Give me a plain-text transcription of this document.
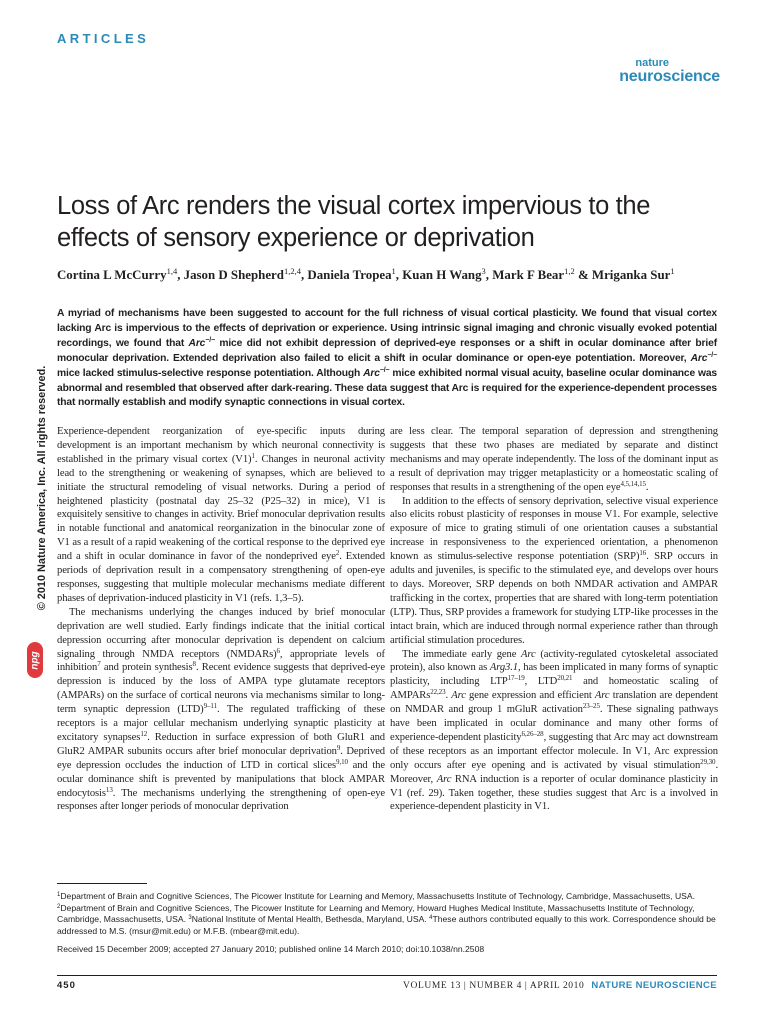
ARTICLES
nature
neuroscience
Loss of Arc renders the visual cortex impervious to the effects of sensory experience or deprivation

Cortina L McCurry$^{1,4}$, Jason D Shepherd$^{1,2,4}$, Daniela Tropea$^1$, Kuan H Wang$^3$, Mark F Bear$^{1,2}$ & Mriganka Sur$^1$

A myriad of mechanisms have been suggested to account for the full richness of visual cortical plasticity. We found that visual cortex lacking Arc is impervious to the effects of deprivation or experience. Using intrinsic signal imaging and chronic visually evoked potential recordings, we found that Arc−/− mice did not exhibit depression of deprived-eye responses or a shift in ocular dominance after brief monocular deprivation. Extended deprivation also failed to elicit a shift in ocular dominance or open-eye potentiation. Moreover, Arc−/− mice lacked stimulus-selective response potentiation. Although Arc−/− mice exhibited normal visual acuity, baseline ocular dominance was abnormal and resembled that observed after dark-rearing. These data suggest that Arc is required for the experience-dependent processes that normally establish and modify synaptic connections in visual cortex.

© 2010 Nature America, Inc. All rights reserved.
npg

Experience-dependent reorganization of eye-specific inputs during development is an important mechanism by which neuronal connectivity is established in the primary visual cortex $(V1)^1$. Changes in neuronal activity lead to the strengthening or weakening of synapses, which are believed to initiate the structural remodeling of visual networks. During a period of heightened plasticity (postnatal day 25–32 (P25–32) in mice), V1 is exquisitely sensitive to changes in activity. Brief monocular deprivation results in notable functional and anatomical reorganization in the binocular zone of V1 as a result of a rapid weakening of the cortical response to the deprived eye and a shift in ocular dominance in favor of the nondeprived eye$^2$. Extended periods of deprivation result in a compensatory strengthening of open-eye responses, suggesting that multiple molecular mechanisms mediate different phases of deprivation-induced plasticity in V1 (refs. 1,3–5).

The mechanisms underlying the changes induced by brief monocular deprivation are well studied. Early findings indicate that the initial cortical depression occurring after monocular deprivation is dependent on calcium signaling through NMDA receptors (NMDARs)$^6$, appropriate levels of inhibition$^7$ and protein synthesis$^8$. Recent evidence suggests that deprived-eye depression is induced by the loss of AMPA type glutamate receptors (AMPARs) on the surface of cortical neurons via mechanisms similar to long-term synaptic depression (LTD)$^{9-11}$. The regulated trafficking of these receptors is a major cellular mechanism underlying synaptic plasticity at excitatory synapses$^{12}$. Reduction in surface expression of both GluR1 and GluR2 AMPAR subunits occurs after brief monocular deprivation$^9$. Deprived eye depression occludes the induction of LTD in cortical slices$^{9,10}$ and the ocular dominance shift is prevented by manipulations that block AMPAR endocytosis$^{13}$. The mechanisms underlying the strengthening of open-eye responses after longer periods of monocular deprivation

are less clear. The temporal separation of depression and strengthening suggests that these two phases are mediated by separate and distinct mechanisms and may operate independently. The loss of the dominant input as a result of deprivation may trigger metaplasticity or a homeostatic scaling of responses that results in a strengthening of the open eye$^{4,5,14,15}$.

In addition to the effects of sensory deprivation, selective visual experience also elicits robust plasticity of responses in mouse V1. For example, selective exposure of mice to grating stimuli of one orientation causes a substantial increase in responsiveness to the experienced orientation, a phenomenon known as stimulus-selective response potentiation (SRP)$^{16}$. SRP occurs in adults and juveniles, is specific to the stimulated eye, and develops over hours to days. Moreover, SRP depends on both NMDAR activation and AMPAR trafficking in the cortex, properties that are shared with long-term potentiation (LTP). Thus, SRP provides a framework for studying LTP-like processes in the intact brain, which are induced through normal experience rather than through artificial stimulation procedures.

The immediate early gene Arc (activity-regulated cytoskeletal associated protein), also known as Arg3.1, has been implicated in many forms of synaptic plasticity, including LTP$^{17-19}$, LTD$^{20,21}$ and homeostatic scaling of AMPARs$^{22,23}$. Arc gene expression and efficient Arc translation are dependent on NMDAR and group 1 mGluR activation$^{23-25}$. These signaling pathways have been implicated in ocular dominance and many other forms of experience-dependent plasticity$^{6,26-28}$, suggesting that Arc may act downstream of these receptors as an important effector molecule. In V1, Arc expression only occurs after eye opening and is activated by visual stimulation$^{29,30}$. Moreover, Arc RNA induction is a reporter of ocular dominance plasticity in V1 (ref. 29). Taken together, these studies suggest that Arc is a involved in experience-dependent plasticity in V1.

$^1$Department of Brain and Cognitive Sciences, The Picower Institute for Learning and Memory, Massachusetts Institute of Technology, Cambridge, Massachusetts, USA. $^2$Department of Brain and Cognitive Sciences, The Picower Institute for Learning and Memory, Howard Hughes Medical Institute, Massachusetts Institute of Technology, Cambridge, Massachusetts, USA. $^3$National Institute of Mental Health, Bethesda, Maryland, USA. $^4$These authors contributed equally to this work. Correspondence should be addressed to M.S. (msur@mit.edu) or M.F.B. (mbear@mit.edu).

Received 15 December 2009; accepted 27 January 2010; published online 14 March 2010; doi:10.1038/nn.2508

450	VOLUME 13 | NUMBER 4 | APRIL 2010 NATURE NEUROSCIENCE
